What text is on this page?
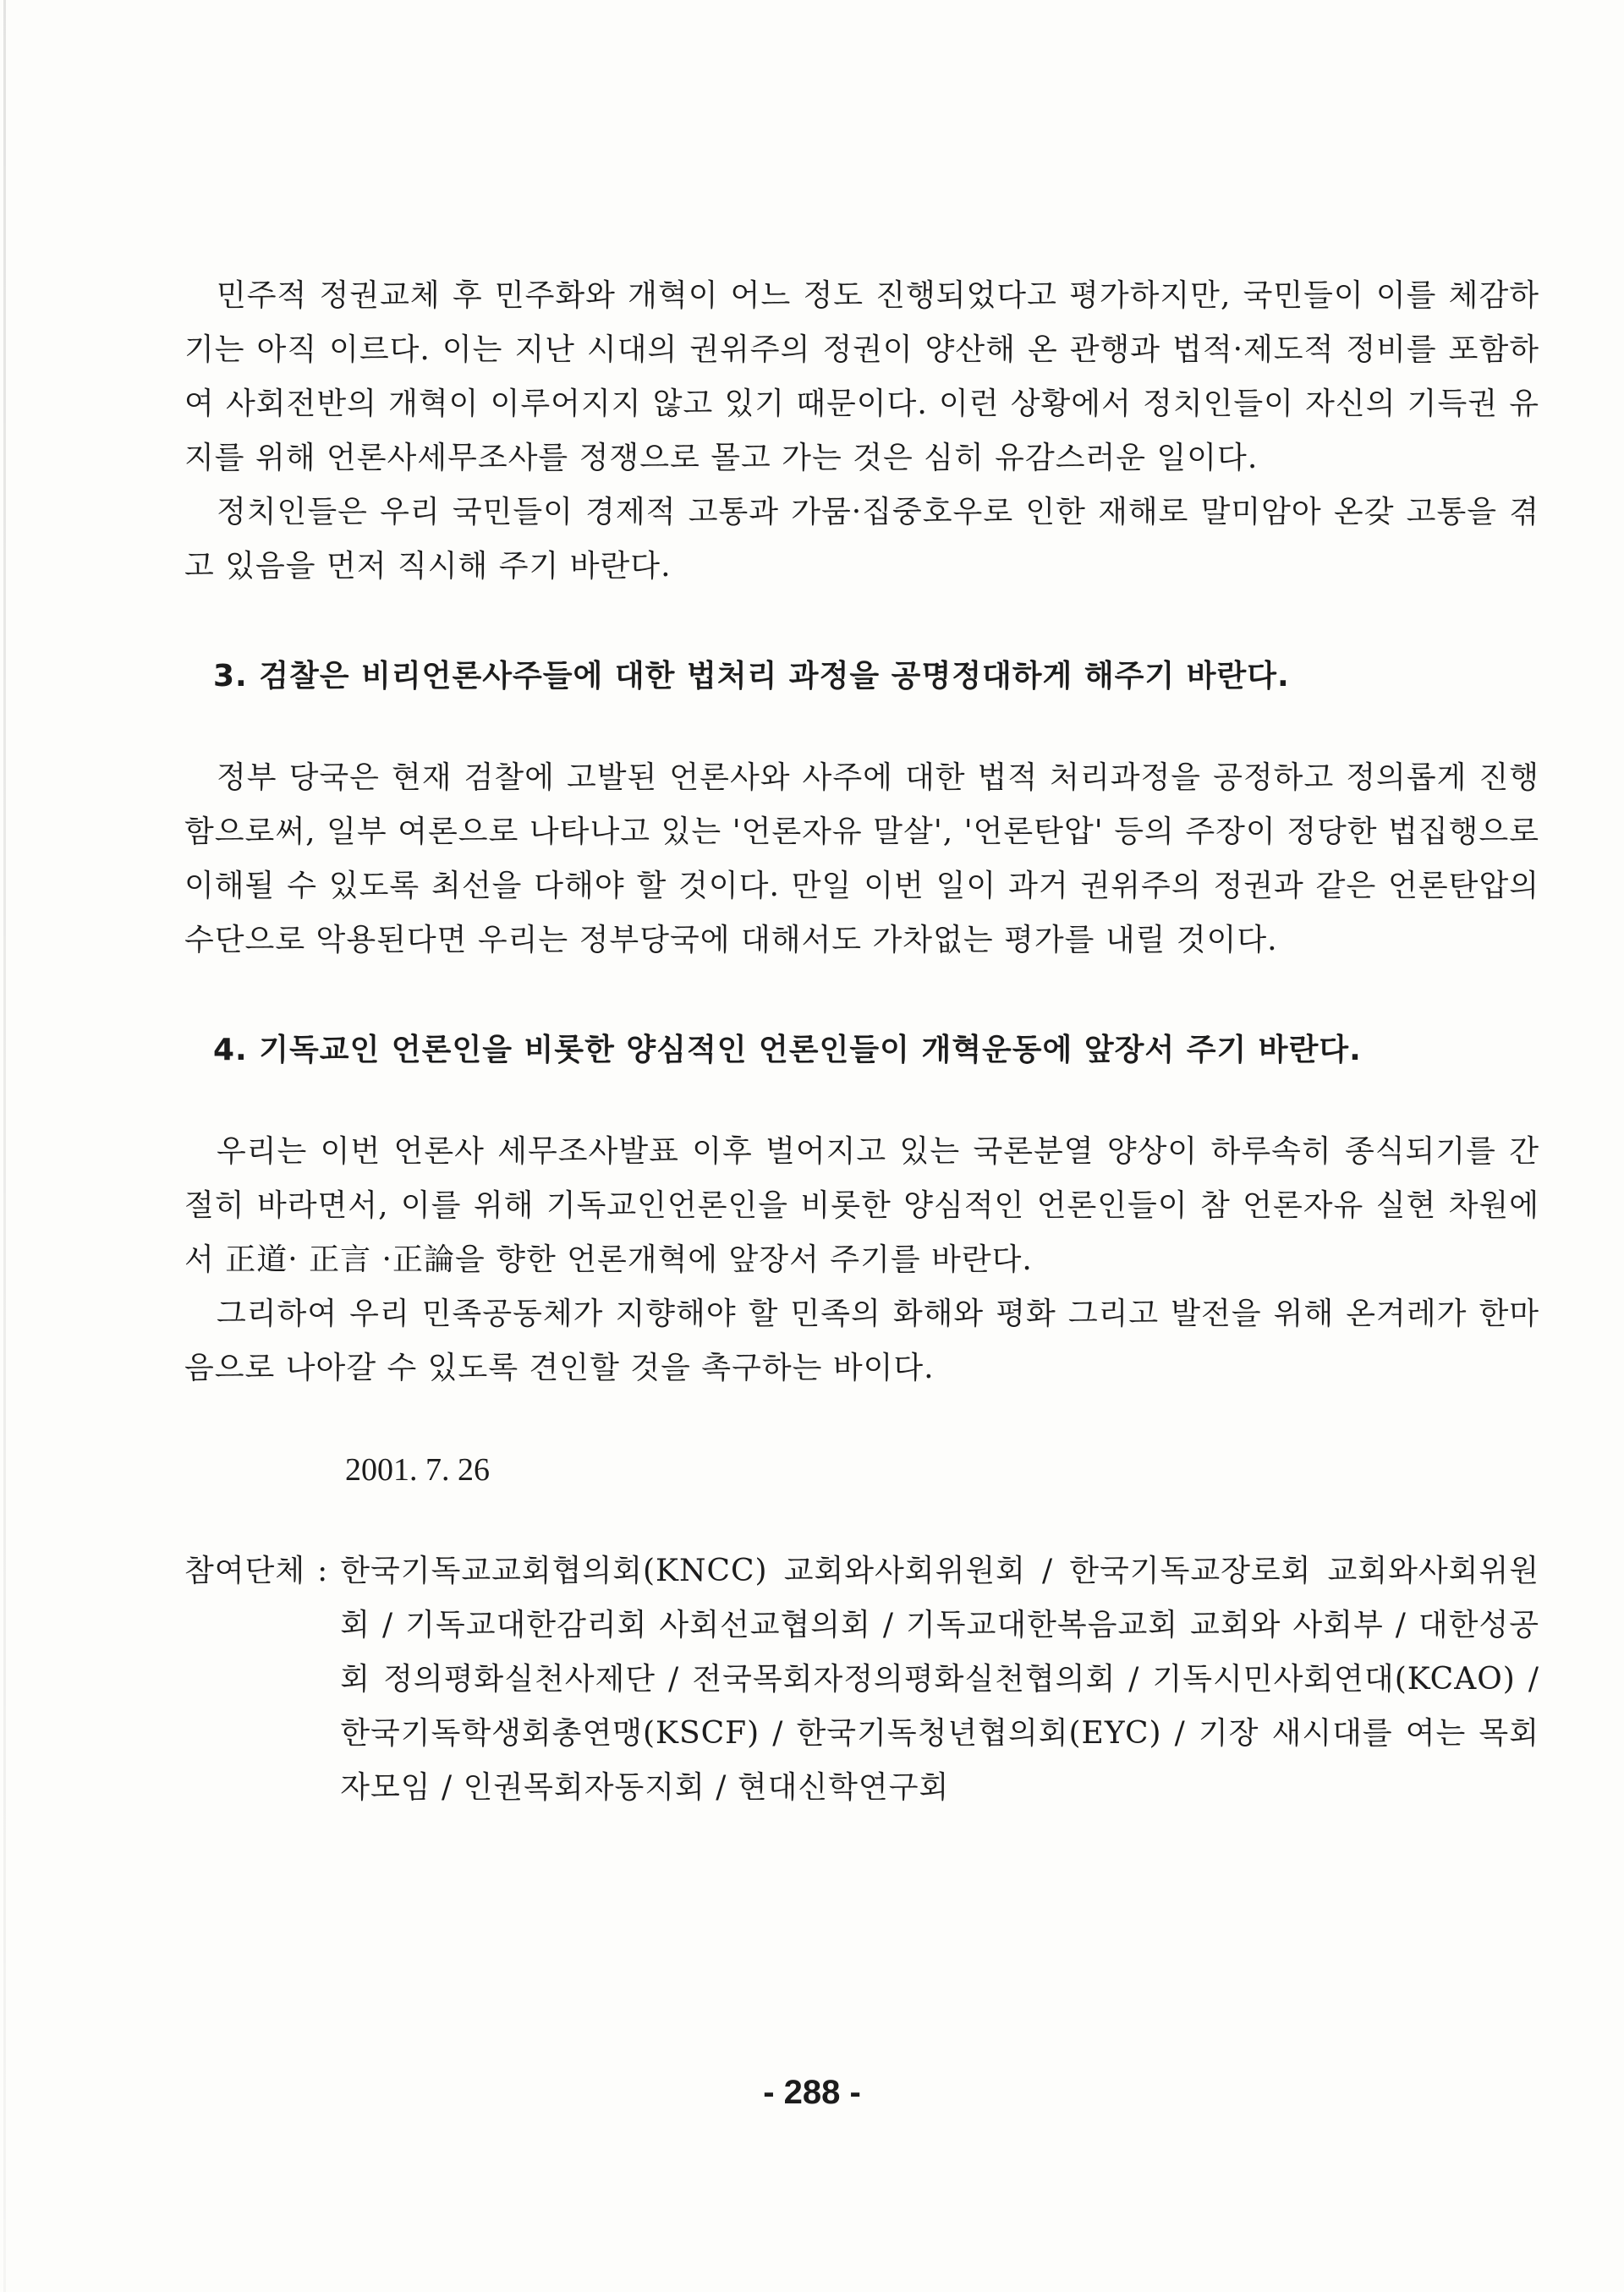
민주적 정권교체 후 민주화와 개혁이 어느 정도 진행되었다고 평가하지만, 국민들이 이를 체감하기는 아직 이르다. 이는 지난 시대의 권위주의 정권이 양산해 온 관행과 법적·제도적 정비를 포함하여 사회전반의 개혁이 이루어지지 않고 있기 때문이다. 이런 상황에서 정치인들이 자신의 기득권 유지를 위해 언론사세무조사를 정쟁으로 몰고 가는 것은 심히 유감스러운 일이다.

정치인들은 우리 국민들이 경제적 고통과 가뭄·집중호우로 인한 재해로 말미암아 온갖 고통을 겪고 있음을 먼저 직시해 주기 바란다.

3. 검찰은 비리언론사주들에 대한 법처리 과정을 공명정대하게 해주기 바란다.

정부 당국은 현재 검찰에 고발된 언론사와 사주에 대한 법적 처리과정을 공정하고 정의롭게 진행함으로써, 일부 여론으로 나타나고 있는 '언론자유 말살', '언론탄압' 등의 주장이 정당한 법집행으로 이해될 수 있도록 최선을 다해야 할 것이다. 만일 이번 일이 과거 권위주의 정권과 같은 언론탄압의 수단으로 악용된다면 우리는 정부당국에 대해서도 가차없는 평가를 내릴 것이다.

4. 기독교인 언론인을 비롯한 양심적인 언론인들이 개혁운동에 앞장서 주기 바란다.

우리는 이번 언론사 세무조사발표 이후 벌어지고 있는 국론분열 양상이 하루속히 종식되기를 간절히 바라면서, 이를 위해 기독교인언론인을 비롯한 양심적인 언론인들이 참 언론자유 실현 차원에서 正道· 正言 ·正論을 향한 언론개혁에 앞장서 주기를 바란다.

그리하여 우리 민족공동체가 지향해야 할 민족의 화해와 평화 그리고 발전을 위해 온겨레가 한마음으로 나아갈 수 있도록 견인할 것을 촉구하는 바이다.

2001. 7. 26

참여단체 : 한국기독교교회협의회(KNCC) 교회와사회위원회 / 한국기독교장로회 교회와사회위원회 / 기독교대한감리회 사회선교협의회 / 기독교대한복음교회 교회와 사회부 / 대한성공회 정의평화실천사제단 / 전국목회자정의평화실천협의회 / 기독시민사회연대(KCAO) / 한국기독학생회총연맹(KSCF) / 한국기독청년협의회(EYC) / 기장 새시대를 여는 목회자모임 / 인권목회자동지회 / 현대신학연구회
- 288 -
